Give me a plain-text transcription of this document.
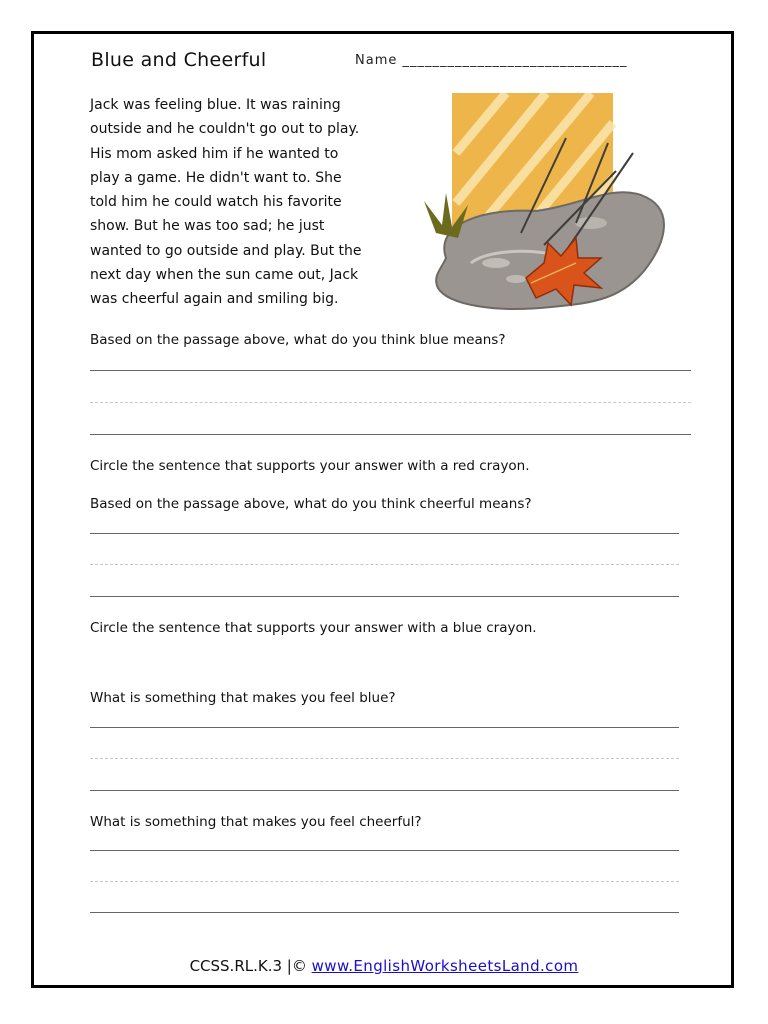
Blue and Cheerful	Name ______________________________
Jack was feeling blue. It was raining
outside and he couldn't go out to play.
His mom asked him if he wanted to
play a game. He didn't want to. She
told him he could watch his favorite
show. But he was too sad; he just
wanted to go outside and play. But the
next day when the sun came out, Jack
was cheerful again and smiling big.
Based on the passage above, what do you think blue means?
Circle the sentence that supports your answer with a red crayon.
Based on the passage above, what do you think cheerful means?
Circle the sentence that supports your answer with a blue crayon.
What is something that makes you feel blue?
What is something that makes you feel cheerful?
CCSS.RL.K.3 |© www.EnglishWorksheetsLand.com
